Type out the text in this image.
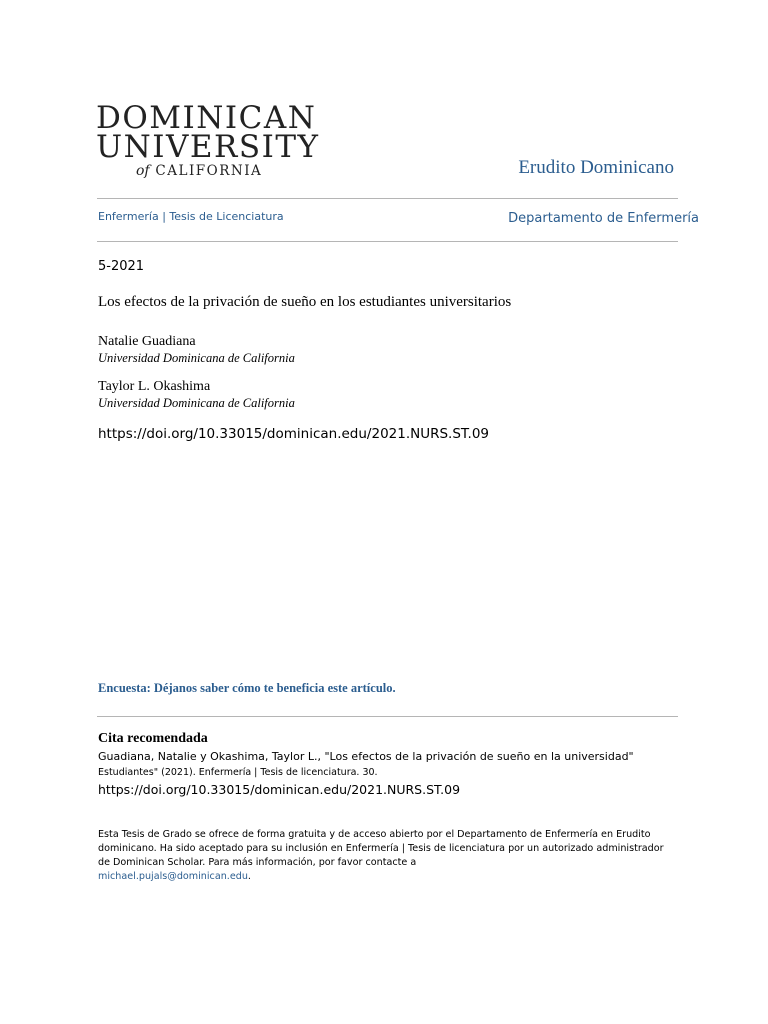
DOMINICAN
UNIVERSITY
of CALIFORNIA	Erudito Dominicano
Enfermería | Tesis de Licenciatura	Departamento de Enfermería
5-2021
Los efectos de la privación de sueño en los estudiantes universitarios
Natalie Guadiana
Universidad Dominicana de California
Taylor L. Okashima
Universidad Dominicana de California
https://doi.org/10.33015/dominican.edu/2021.NURS.ST.09
Encuesta: Déjanos saber cómo te beneficia este artículo.
Cita recomendada
Guadiana, Natalie y Okashima, Taylor L., "Los efectos de la privación de sueño en la universidad"
Estudiantes" (2021). Enfermería | Tesis de licenciatura. 30.
https://doi.org/10.33015/dominican.edu/2021.NURS.ST.09
Esta Tesis de Grado se ofrece de forma gratuita y de acceso abierto por el Departamento de Enfermería en Erudito dominicano. Ha sido aceptado para su inclusión en Enfermería | Tesis de licenciatura por un autorizado administrador de Dominican Scholar. Para más información, por favor contacte a
michael.pujals@dominican.edu.
